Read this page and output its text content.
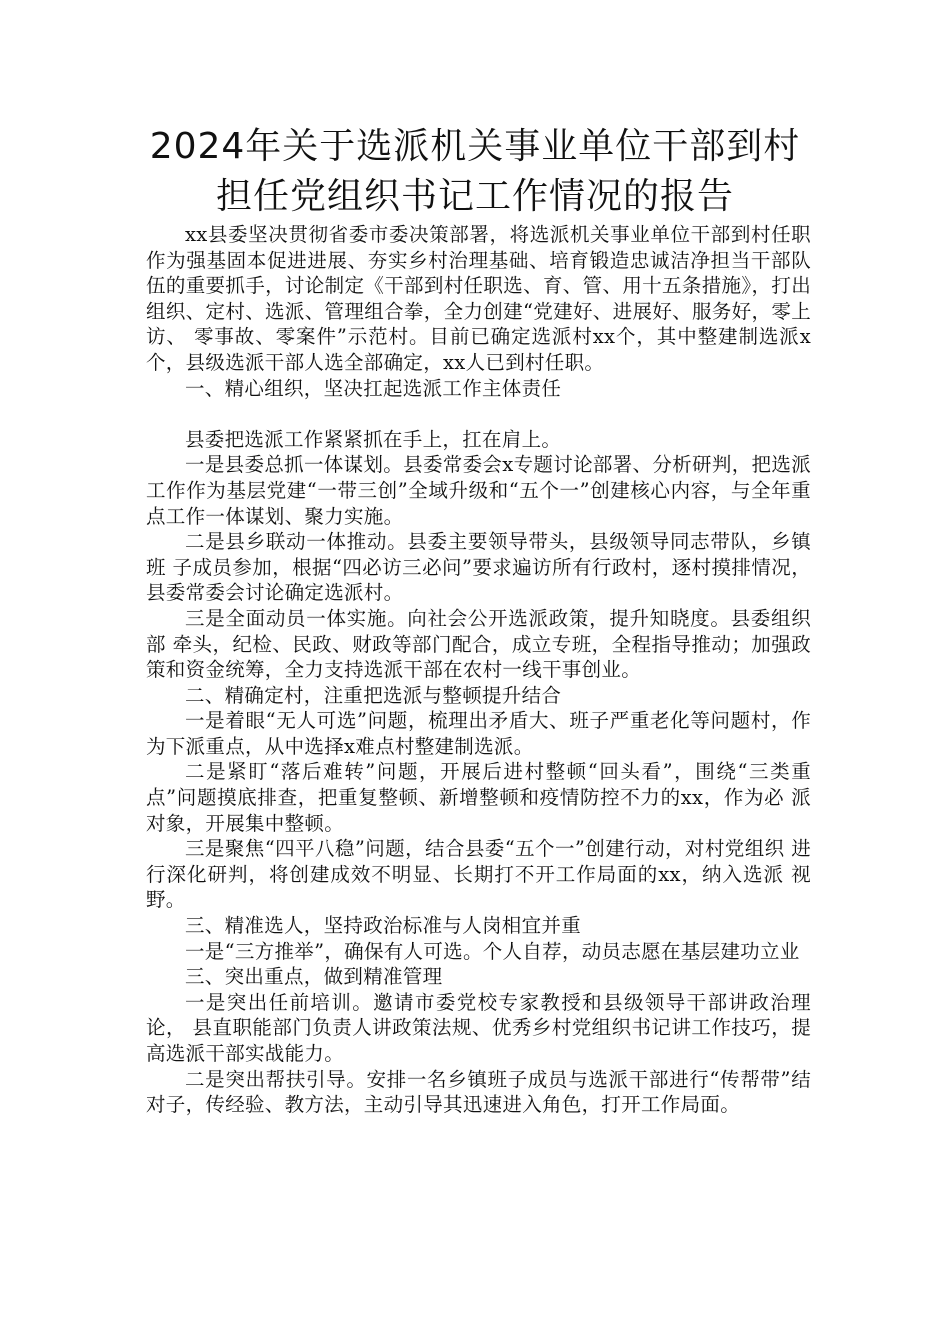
2024年关于选派机关事业单位干部到村
担任党组织书记工作情况的报告

xx县委坚决贯彻省委市委决策部署，将选派机关事业单位干部到村任职作为强基固本促进进展、夯实乡村治理基础、培育锻造忠诚洁净担当干部队伍的重要抓手，讨论制定《干部到村任职选、育、管、用十五条措施》，打出组织、定村、选派、管理组合拳，全力创建“党建好、进展好、服务好，零上访、 零事故、零案件”示范村。目前已确定选派村xx个，其中整建制选派x个，县级选派干部人选全部确定，xx人已到村任职。

一、精心组织，坚决扛起选派工作主体责任

县委把选派工作紧紧抓在手上，扛在肩上。

一是县委总抓一体谋划。县委常委会x专题讨论部署、分析研判，把选派 工作作为基层党建“一带三创”全域升级和“五个一”创建核心内容，与全年重点工作一体谋划、聚力实施。

二是县乡联动一体推动。县委主要领导带头，县级领导同志带队，乡镇班 子成员参加，根据“四必访三必问”要求遍访所有行政村，逐村摸排情况，县委常委会讨论确定选派村。

三是全面动员一体实施。向社会公开选派政策，提升知晓度。县委组织部 牵头，纪检、民政、财政等部门配合，成立专班，全程指导推动；加强政策和资金统筹，全力支持选派干部在农村一线干事创业。

二、精确定村，注重把选派与整顿提升结合

一是着眼“无人可选”问题，梳理出矛盾大、班子严重老化等问题村，作 为下派重点，从中选择x难点村整建制选派。

二是紧盯“落后难转”问题，开展后进村整顿“回头看”，围绕“三类重 点”问题摸底排查，把重复整顿、新增整顿和疫情防控不力的xx，作为必 派对象，开展集中整顿。

三是聚焦“四平八稳”问题，结合县委“五个一”创建行动，对村党组织 进行深化研判，将创建成效不明显、长期打不开工作局面的xx，纳入选派 视野。

三、精准选人，坚持政治标准与人岗相宜并重

一是“三方推举”，确保有人可选。个人自荐，动员志愿在基层建功立业

三、突出重点，做到精准管理

一是突出任前培训。邀请市委党校专家教授和县级领导干部讲政治理论， 县直职能部门负责人讲政策法规、优秀乡村党组织书记讲工作技巧，提高选派干部实战能力。

二是突出帮扶引导。安排一名乡镇班子成员与选派干部进行“传帮带”结 对子，传经验、教方法，主动引导其迅速进入角色，打开工作局面。
